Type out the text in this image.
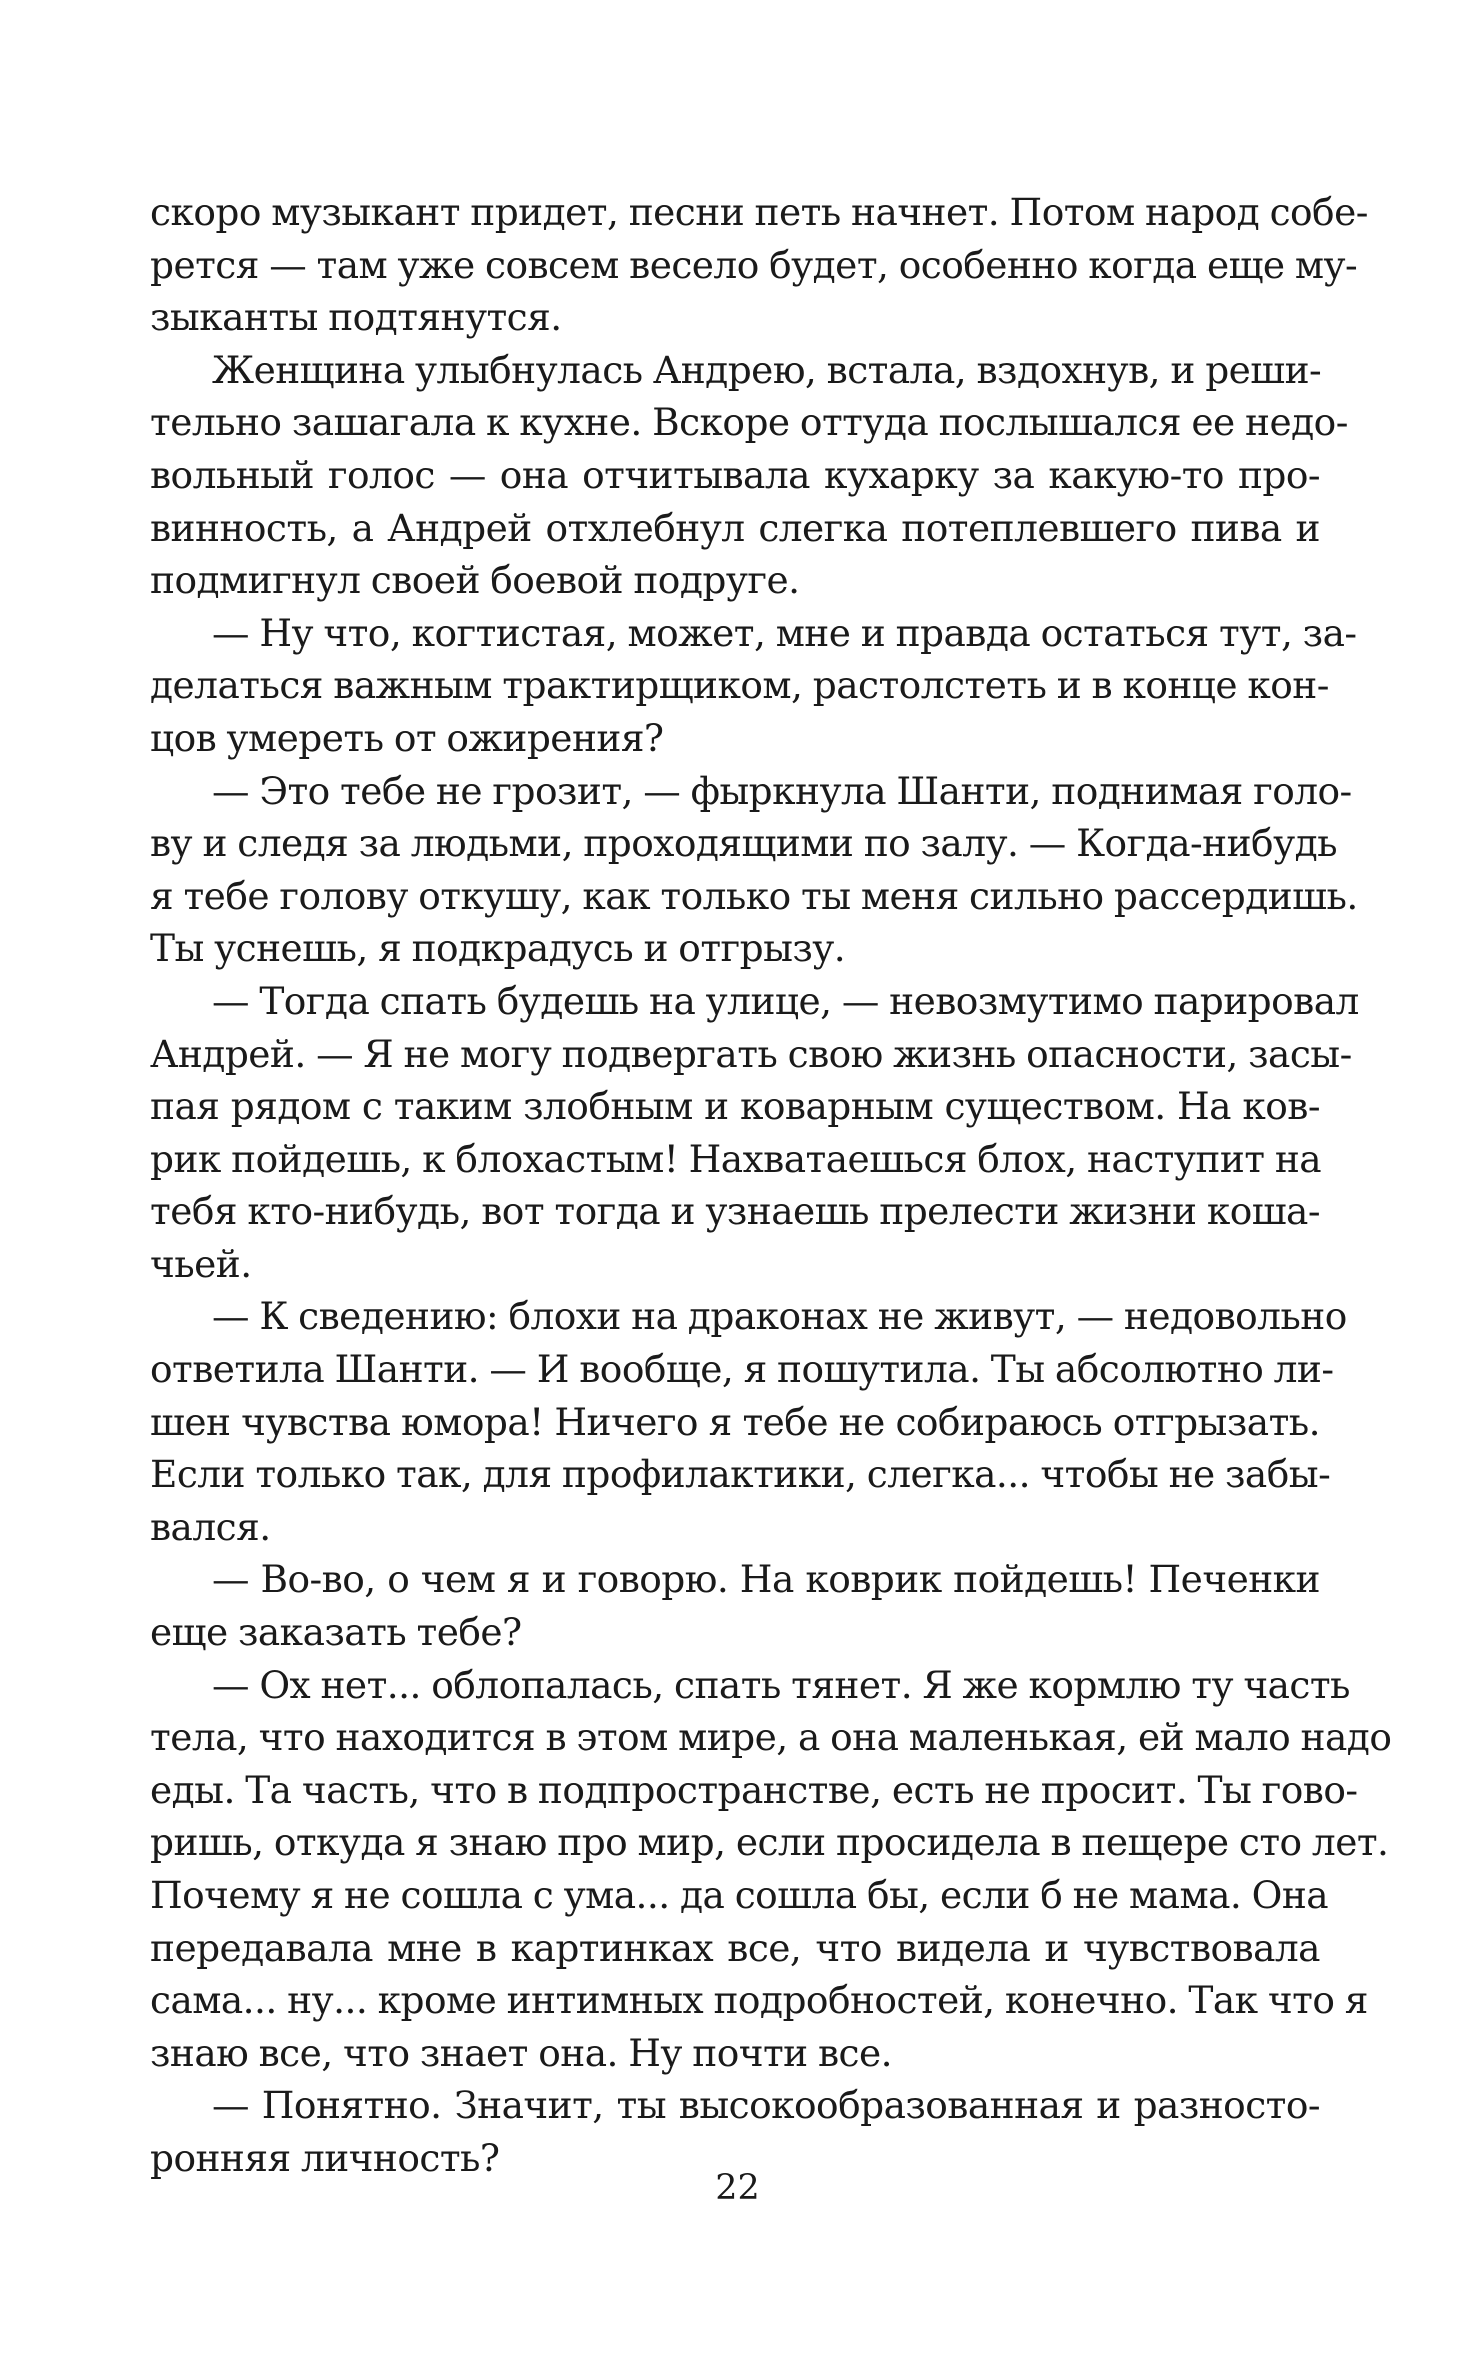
скоро музыкант придет, песни петь начнет. Потом народ собе-
рется — там уже совсем весело будет, особенно когда еще му-
зыканты подтянутся.
Женщина улыбнулась Андрею, встала, вздохнув, и реши-
тельно зашагала к кухне. Вскоре оттуда послышался ее недо-
вольный голос — она отчитывала кухарку за какую-то про-
винность, а Андрей отхлебнул слегка потеплевшего пива и
подмигнул своей боевой подруге.
— Ну что, когтистая, может, мне и правда остаться тут, за-
делаться важным трактирщиком, растолстеть и в конце кон-
цов умереть от ожирения?
— Это тебе не грозит, — фыркнула Шанти, поднимая голо-
ву и следя за людьми, проходящими по залу. — Когда-нибудь
я тебе голову откушу, как только ты меня сильно рассердишь.
Ты уснешь, я подкрадусь и отгрызу.
— Тогда спать будешь на улице, — невозмутимо парировал
Андрей. — Я не могу подвергать свою жизнь опасности, засы-
пая рядом с таким злобным и коварным существом. На ков-
рик пойдешь, к блохастым! Нахватаешься блох, наступит на
тебя кто-нибудь, вот тогда и узнаешь прелести жизни коша-
чьей.
— К сведению: блохи на драконах не живут, — недовольно
ответила Шанти. — И вообще, я пошутила. Ты абсолютно ли-
шен чувства юмора! Ничего я тебе не собираюсь отгрызать.
Если только так, для профилактики, слегка... чтобы не забы-
вался.
— Во-во, о чем я и говорю. На коврик пойдешь! Печенки
еще заказать тебе?
— Ох нет... облопалась, спать тянет. Я же кормлю ту часть
тела, что находится в этом мире, а она маленькая, ей мало надо
еды. Та часть, что в подпространстве, есть не просит. Ты гово-
ришь, откуда я знаю про мир, если просидела в пещере сто лет.
Почему я не сошла с ума... да сошла бы, если б не мама. Она
передавала мне в картинках все, что видела и чувствовала
сама... ну... кроме интимных подробностей, конечно. Так что я
знаю все, что знает она. Ну почти все.
— Понятно. Значит, ты высокообразованная и разносто-
ронняя личность?
22
